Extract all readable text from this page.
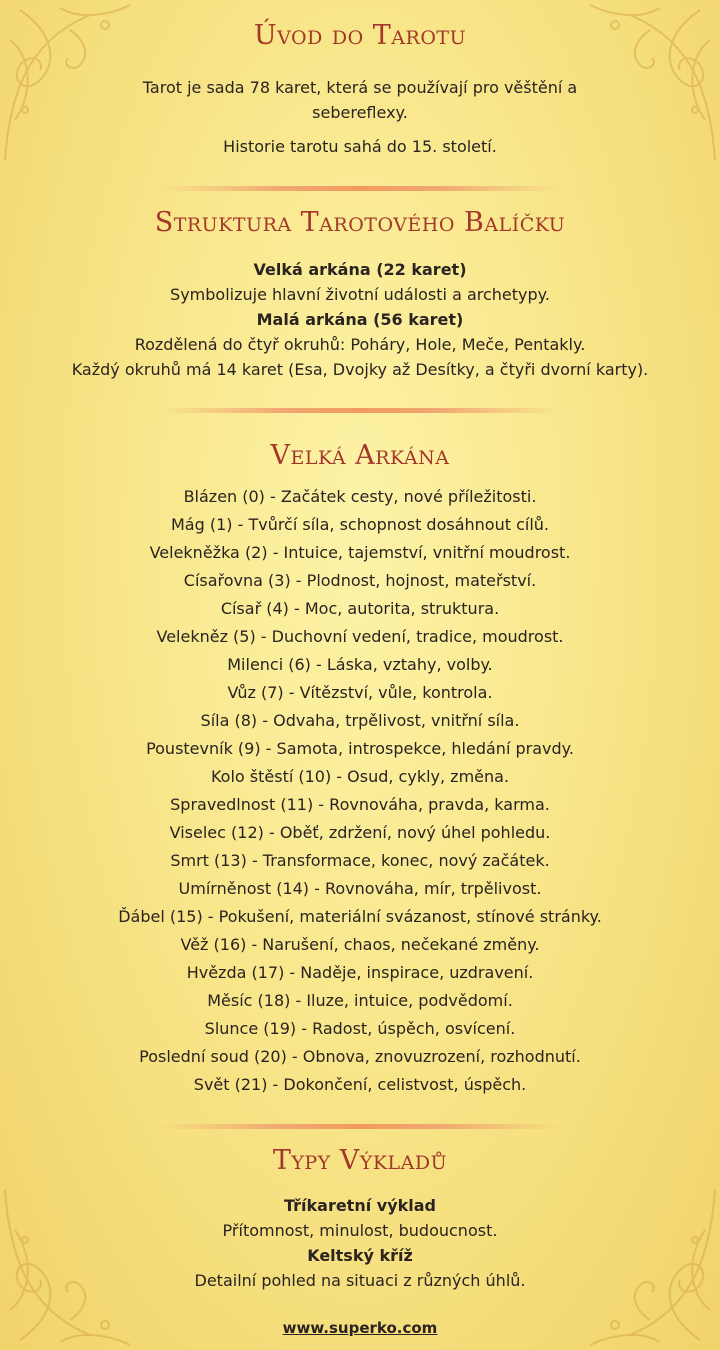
Úvod do Tarotu
Tarot je sada 78 karet, která se používají pro věštění a
sebereflexy.
Historie tarotu sahá do 15. století.
Struktura Tarotového Balíčku
Velká arkána (22 karet)
Symbolizuje hlavní životní události a archetypy.
Malá arkána (56 karet)
Rozdělená do čtyř okruhů: Poháry, Hole, Meče, Pentakly.
Každý okruhů má 14 karet (Esa, Dvojky až Desítky, a čtyři dvorní karty).
Velká Arkána
Blázen (0) - Začátek cesty, nové příležitosti.
Mág (1) - Tvůrčí síla, schopnost dosáhnout cílů.
Velekněžka (2) - Intuice, tajemství, vnitřní moudrost.
Císařovna (3) - Plodnost, hojnost, mateřství.
Císař (4) - Moc, autorita, struktura.
Velekněz (5) - Duchovní vedení, tradice, moudrost.
Milenci (6) - Láska, vztahy, volby.
Vůz (7) - Vítězství, vůle, kontrola.
Síla (8) - Odvaha, trpělivost, vnitřní síla.
Poustevník (9) - Samota, introspekce, hledání pravdy.
Kolo štěstí (10) - Osud, cykly, změna.
Spravedlnost (11) - Rovnováha, pravda, karma.
Viselec (12) - Oběť, zdržení, nový úhel pohledu.
Smrt (13) - Transformace, konec, nový začátek.
Umírněnost (14) - Rovnováha, mír, trpělivost.
Ďábel (15) - Pokušení, materiální svázanost, stínové stránky.
Věž (16) - Narušení, chaos, nečekané změny.
Hvězda (17) - Naděje, inspirace, uzdravení.
Měsíc (18) - Iluze, intuice, podvědomí.
Slunce (19) - Radost, úspěch, osvícení.
Poslední soud (20) - Obnova, znovuzrození, rozhodnutí.
Svět (21) - Dokončení, celistvost, úspěch.
Typy Výkladů
Tříkaretní výklad
Přítomnost, minulost, budoucnost.
Keltský kříž
Detailní pohled na situaci z různých úhlů.
www.superko.com
